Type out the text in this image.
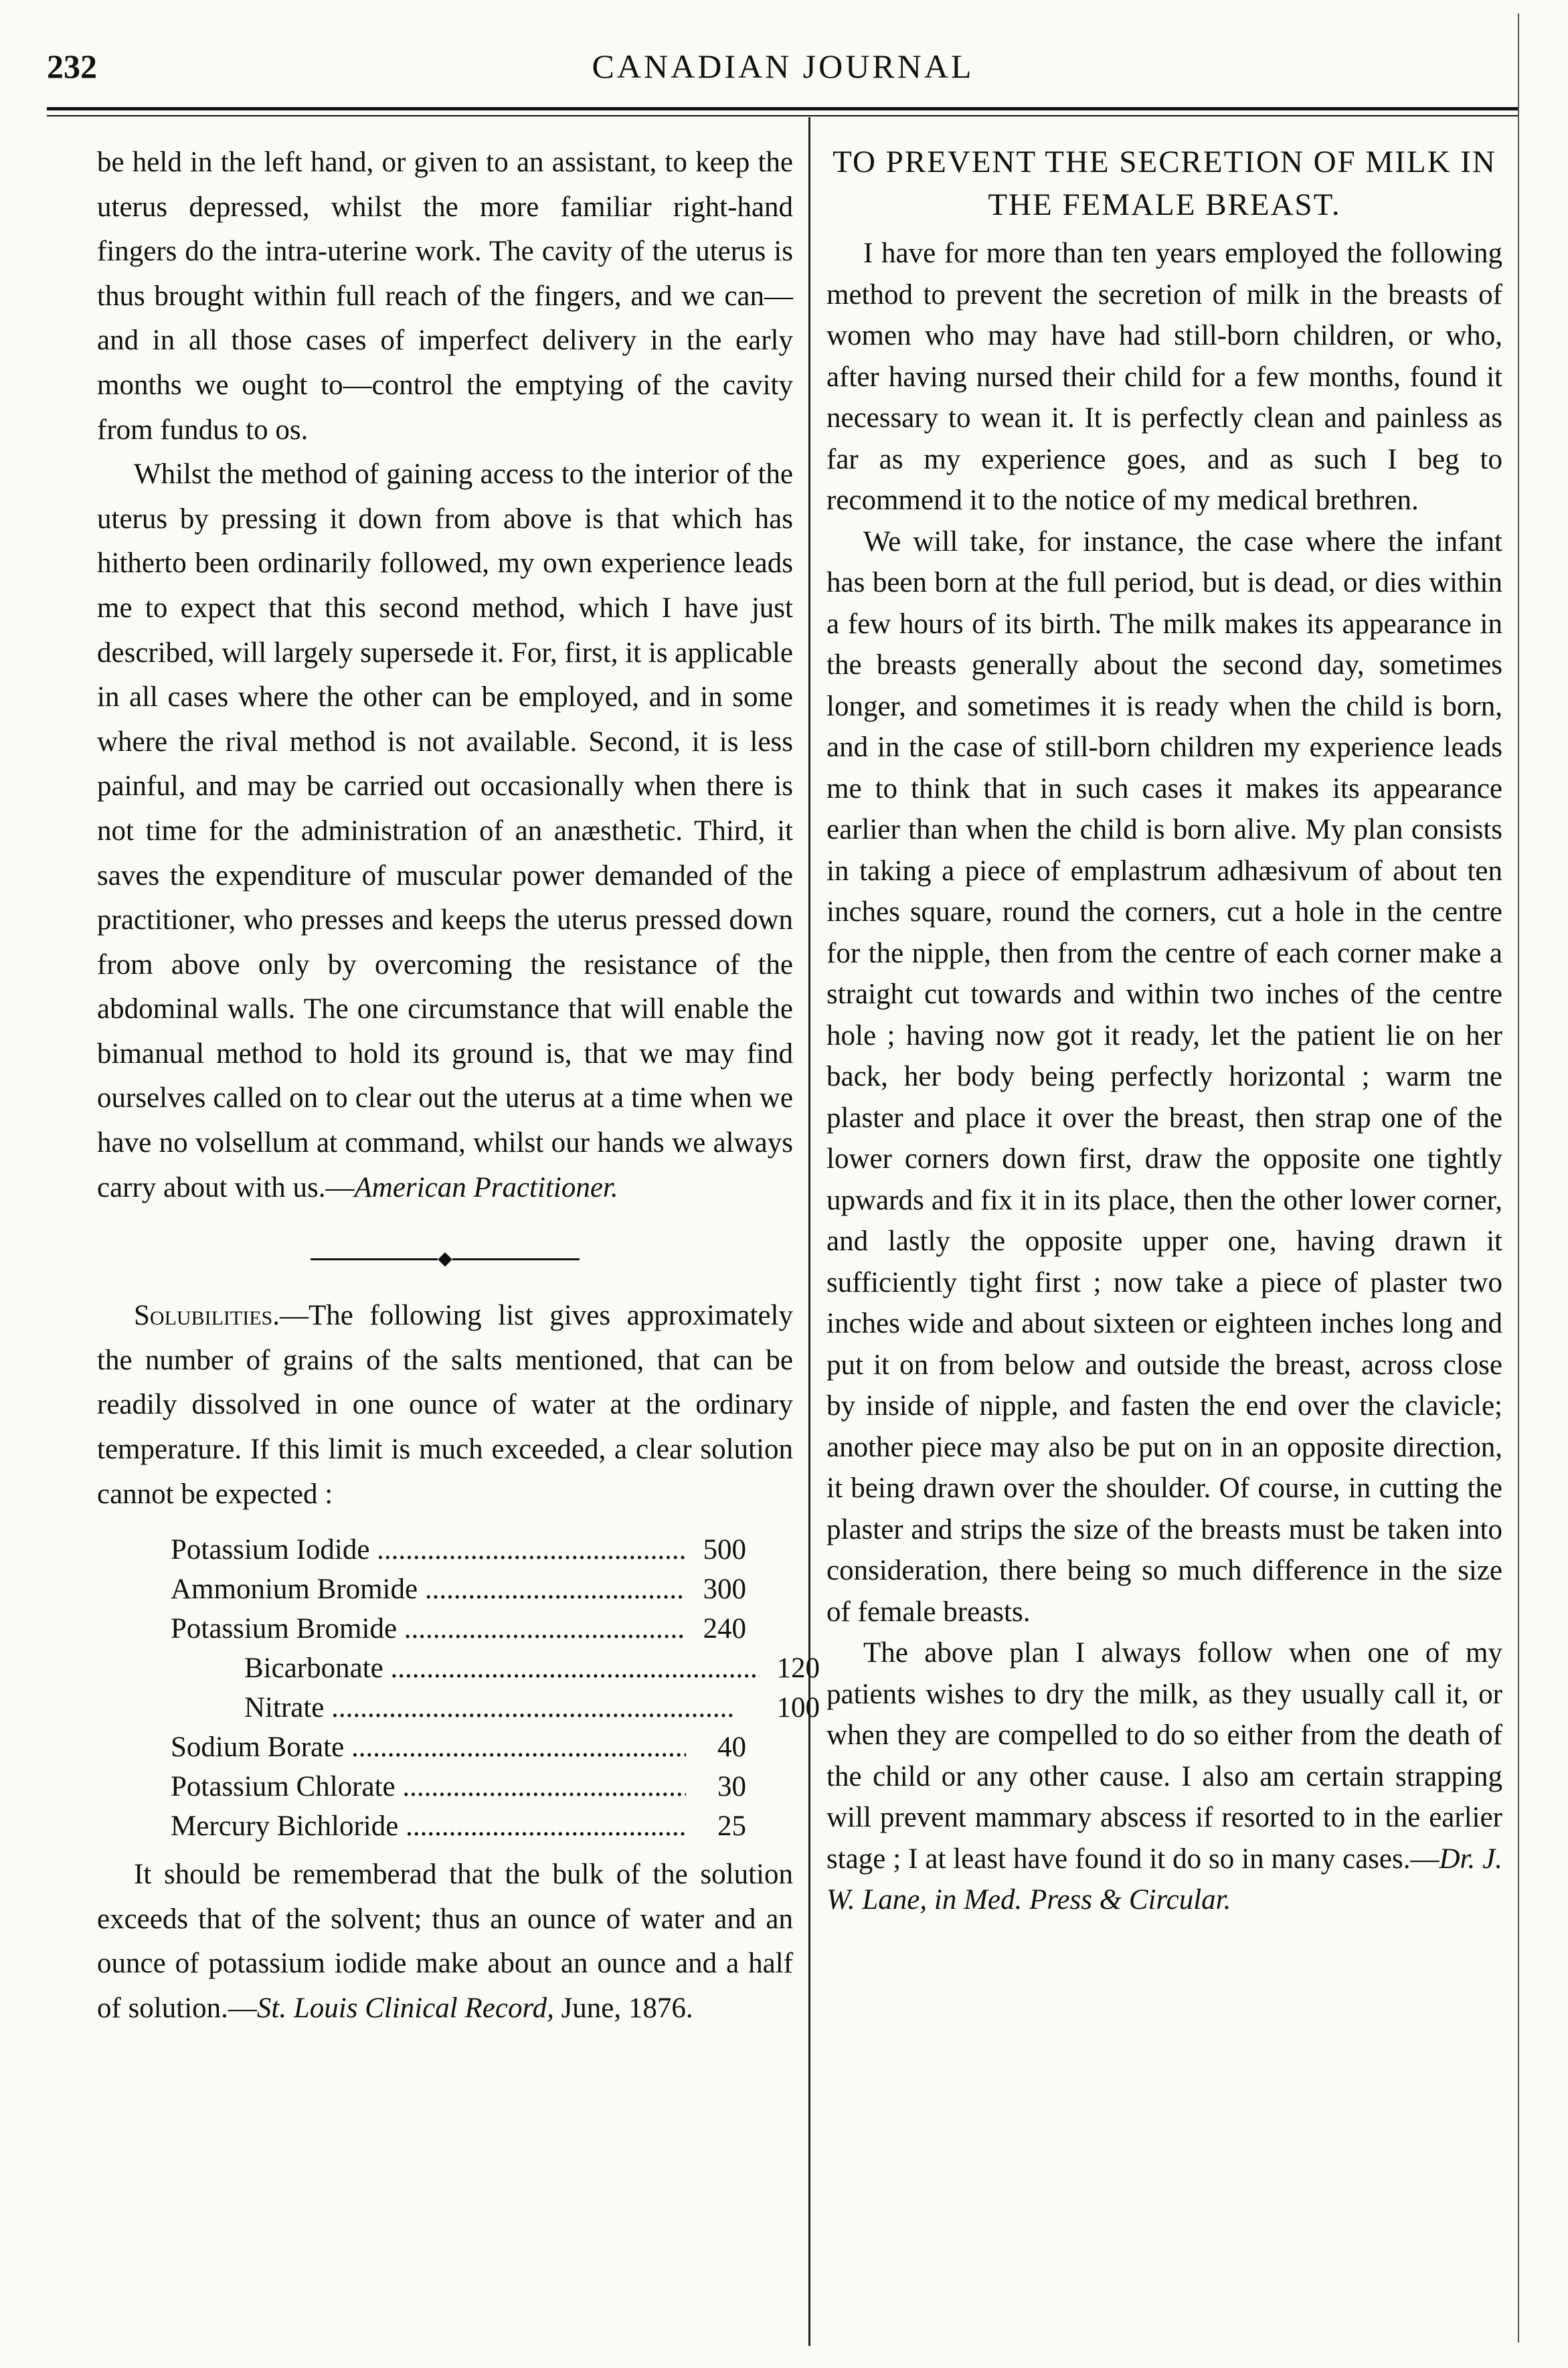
232	CANADIAN JOURNAL

be held in the left hand, or given to an assistant, to keep the uterus depressed, whilst the more familiar right-hand fingers do the intra-uterine work. The cavity of the uterus is thus brought within full reach of the fingers, and we can—and in all those cases of imperfect delivery in the early months we ought to—control the emptying of the cavity from fundus to os.

Whilst the method of gaining access to the interior of the uterus by pressing it down from above is that which has hitherto been ordinarily followed, my own experience leads me to expect that this second method, which I have just described, will largely supersede it. For, first, it is applicable in all cases where the other can be employed, and in some where the rival method is not available. Second, it is less painful, and may be carried out occasionally when there is not time for the administration of an anæsthetic. Third, it saves the expenditure of muscular power demanded of the practitioner, who presses and keeps the uterus pressed down from above only by overcoming the resistance of the abdominal walls. The one circumstance that will enable the bimanual method to hold its ground is, that we may find ourselves called on to clear out the uterus at a time when we have no volsellum at command, whilst our hands we always carry about with us.—American Practitioner.

◆

Solubilities.—The following list gives approximately the number of grains of the salts mentioned, that can be readily dissolved in one ounce of water at the ordinary temperature. If this limit is much exceeded, a clear solution cannot be expected :

Potassium Iodide .....	500
Ammonium Bromide .....	300
Potassium Bromide .....	240
Bicarbonate .....	120
Nitrate .....	100
Sodium Borate .....	40
Potassium Chlorate .....	30
Mercury Bichloride .....	25

It should be rememberad that the bulk of the solution exceeds that of the solvent; thus an ounce of water and an ounce of potassium iodide make about an ounce and a half of solution.—St. Louis Clinical Record, June, 1876.

TO PREVENT THE SECRETION OF MILK IN THE FEMALE BREAST.

I have for more than ten years employed the following method to prevent the secretion of milk in the breasts of women who may have had still-born children, or who, after having nursed their child for a few months, found it necessary to wean it. It is perfectly clean and painless as far as my experience goes, and as such I beg to recommend it to the notice of my medical brethren.

We will take, for instance, the case where the infant has been born at the full period, but is dead, or dies within a few hours of its birth. The milk makes its appearance in the breasts generally about the second day, sometimes longer, and sometimes it is ready when the child is born, and in the case of still-born children my experience leads me to think that in such cases it makes its appearance earlier than when the child is born alive. My plan consists in taking a piece of emplastrum adhæsivum of about ten inches square, round the corners, cut a hole in the centre for the nipple, then from the centre of each corner make a straight cut towards and within two inches of the centre hole ; having now got it ready, let the patient lie on her back, her body being perfectly horizontal ; warm tne plaster and place it over the breast, then strap one of the lower corners down first, draw the opposite one tightly upwards and fix it in its place, then the other lower corner, and lastly the opposite upper one, having drawn it sufficiently tight first ; now take a piece of plaster two inches wide and about sixteen or eighteen inches long and put it on from below and outside the breast, across close by inside of nipple, and fasten the end over the clavicle; another piece may also be put on in an opposite direction, it being drawn over the shoulder. Of course, in cutting the plaster and strips the size of the breasts must be taken into consideration, there being so much difference in the size of female breasts.

The above plan I always follow when one of my patients wishes to dry the milk, as they usually call it, or when they are compelled to do so either from the death of the child or any other cause. I also am certain strapping will prevent mammary abscess if resorted to in the earlier stage ; I at least have found it do so in many cases.—Dr. J. W. Lane, in Med. Press & Circular.
